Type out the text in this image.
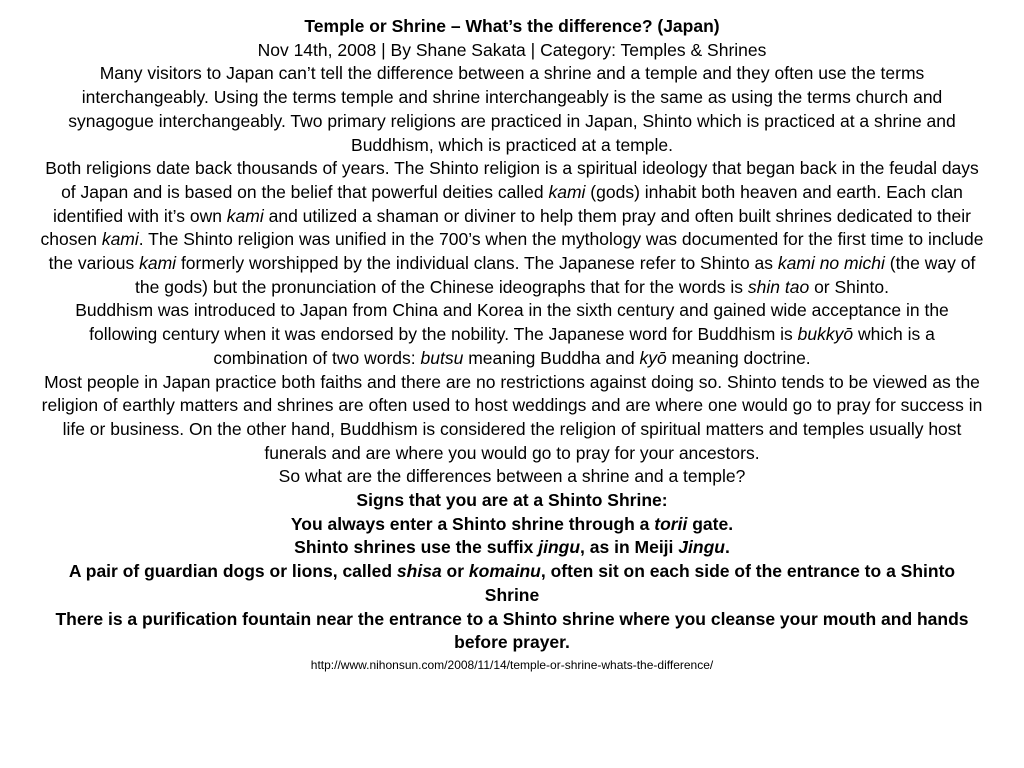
Temple or Shrine – What’s the difference? (Japan)
Nov 14th, 2008 | By Shane Sakata | Category: Temples & Shrines
Many visitors to Japan can’t tell the difference between a shrine and a temple and they often use the terms interchangeably. Using the terms temple and shrine interchangeably is the same as using the terms church and synagogue interchangeably. Two primary religions are practiced in Japan, Shinto which is practiced at a shrine and Buddhism, which is practiced at a temple.
Both religions date back thousands of years. The Shinto religion is a spiritual ideology that began back in the feudal days of Japan and is based on the belief that powerful deities called kami (gods) inhabit both heaven and earth. Each clan identified with it’s own kami and utilized a shaman or diviner to help them pray and often built shrines dedicated to their chosen kami. The Shinto religion was unified in the 700’s when the mythology was documented for the first time to include the various kami formerly worshipped by the individual clans. The Japanese refer to Shinto as kami no michi (the way of the gods) but the pronunciation of the Chinese ideographs that for the words is shin tao or Shinto.
Buddhism was introduced to Japan from China and Korea in the sixth century and gained wide acceptance in the following century when it was endorsed by the nobility. The Japanese word for Buddhism is bukkyō which is a combination of two words: butsu meaning Buddha and kyō meaning doctrine.
Most people in Japan practice both faiths and there are no restrictions against doing so. Shinto tends to be viewed as the religion of earthly matters and shrines are often used to host weddings and are where one would go to pray for success in life or business. On the other hand, Buddhism is considered the religion of spiritual matters and temples usually host funerals and are where you would go to pray for your ancestors.
So what are the differences between a shrine and a temple?
Signs that you are at a Shinto Shrine:
You always enter a Shinto shrine through a torii gate.
Shinto shrines use the suffix jingu, as in Meiji Jingu.
A pair of guardian dogs or lions, called shisa or komainu, often sit on each side of the entrance to a Shinto Shrine
There is a purification fountain near the entrance to a Shinto shrine where you cleanse your mouth and hands before prayer.
http://www.nihonsun.com/2008/11/14/temple-or-shrine-whats-the-difference/
